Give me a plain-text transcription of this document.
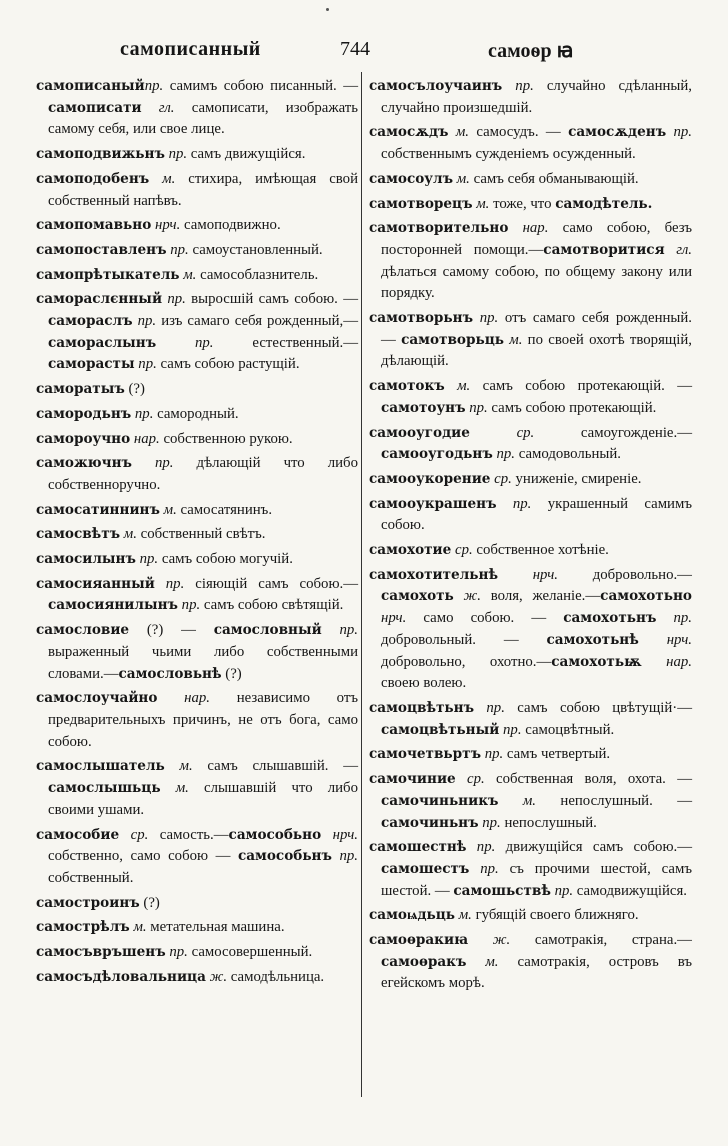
самописанный	744	самоѳр ꙗ

самописаныйпр. самимъ собою писанный. — самописати гл. самописати, изображать самому себя, или свое лице.

самоподвижьнъ пр. самъ движущійся.

самоподобенъ м. стихира, имѣющая свой собственный напѣвъ.

самопомавьно нрч. самоподвижно.

самопоставленъ пр. самоустановленный.

самопрѣтыкатель м. самособлазнитель.

самораслєнный пр. выросшій самъ собою. — самораслъ пр. изъ самаго себя рожденный,—самораслынъ пр. естественный.—самораcты пр. самъ собою растущій.

самоpатыъ (?)

самородьнъ пр. самородный.

самороучно нар. собственною рукою.

саможючнъ пр. дѣлающій что либо собственноручно.

самосатиннинъ м. самосатянинъ.

самосвѣтъ м. собственный свѣтъ.

самосилынъ пр. самъ собою могучій.

самосияанный пр. сіяющій самъ собою.—самосиянилынъ пр. самъ собою свѣтящій.

самословие (?) — самословный пр. выраженный чьими либо собственными словами.—самословьнѣ (?)

самослоучайно нар. независимо отъ предварительныхъ причинъ, не отъ бога, само собою.

самослышатель м. самъ слышавшій. —самослышьць м. слышавшій что либо своими ушами.

самособие ср. самость.—самособьно нрч. собственно, само собою — самособьнъ пр. собственный.

самостроинъ (?)

самострѣлъ м. метательная машина.

самосъвръшенъ пр. самосовершенный.

самосъдѣловальница ж. самодѣльница.

самосълоучаинъ пр. случайно сдѣланный, случайно произшедшій.

самосѫдъ м. самосудъ. — самосѫденъ пр. собственнымъ сужденіемъ осужденный.

самосоулъ м. самъ себя обманывающій.

самотворецъ м. тоже, что самодѣтель.

самотворительно нар. само собою, безъ посторонней помощи.—самотворитися гл. дѣлаться самому собою, по общему закону или порядку.

самотворьнъ пр. отъ самаго себя рожденный. — самотворьць м. по своей охотѣ творящій, дѣлающій.

самотокъ м. самъ собою протекающій. — самотоунъ пр. самъ собою протекающій.

самооугодие ср. самоугожденіе.—самооугодьнъ пр. самодовольный.

самооукорение ср. униженіе, смиреніе.

самооукрашенъ пр. украшенный самимъ собою.

самохотие ср. собственное хотѣніе.

самохотительнѣ нрч. добровольно.—самохоть ж. воля, желаніе.—самохотьно нрч. само собою. — самохотьнъ пр. добровольный. — самохотьнѣ нрч. добровольно, охотно.—самохотьѭ нар. своею волею.

самоцвѣтьнъ пр. самъ собою цвѣтущій·—самоцвѣтьный пр. самоцвѣтный.

самочетвьртъ пр. самъ четвертый.

самочиние ср. собственная воля, охота. — самочиньникъ м. непослушный. — самочиньнъ пр. непослушный.

самошестнѣ пр. движущійся самъ собою.—самошестъ пр. съ прочими шестой, самъ шестой. — самошьствѣ пр. самодвижущійся.

самоѩдьць м. губящій своего ближняго.

самоѳракиꙗ ж. самотракія, страна.— самоѳракъ м. самотракія, островъ въ егейскомъ морѣ.
